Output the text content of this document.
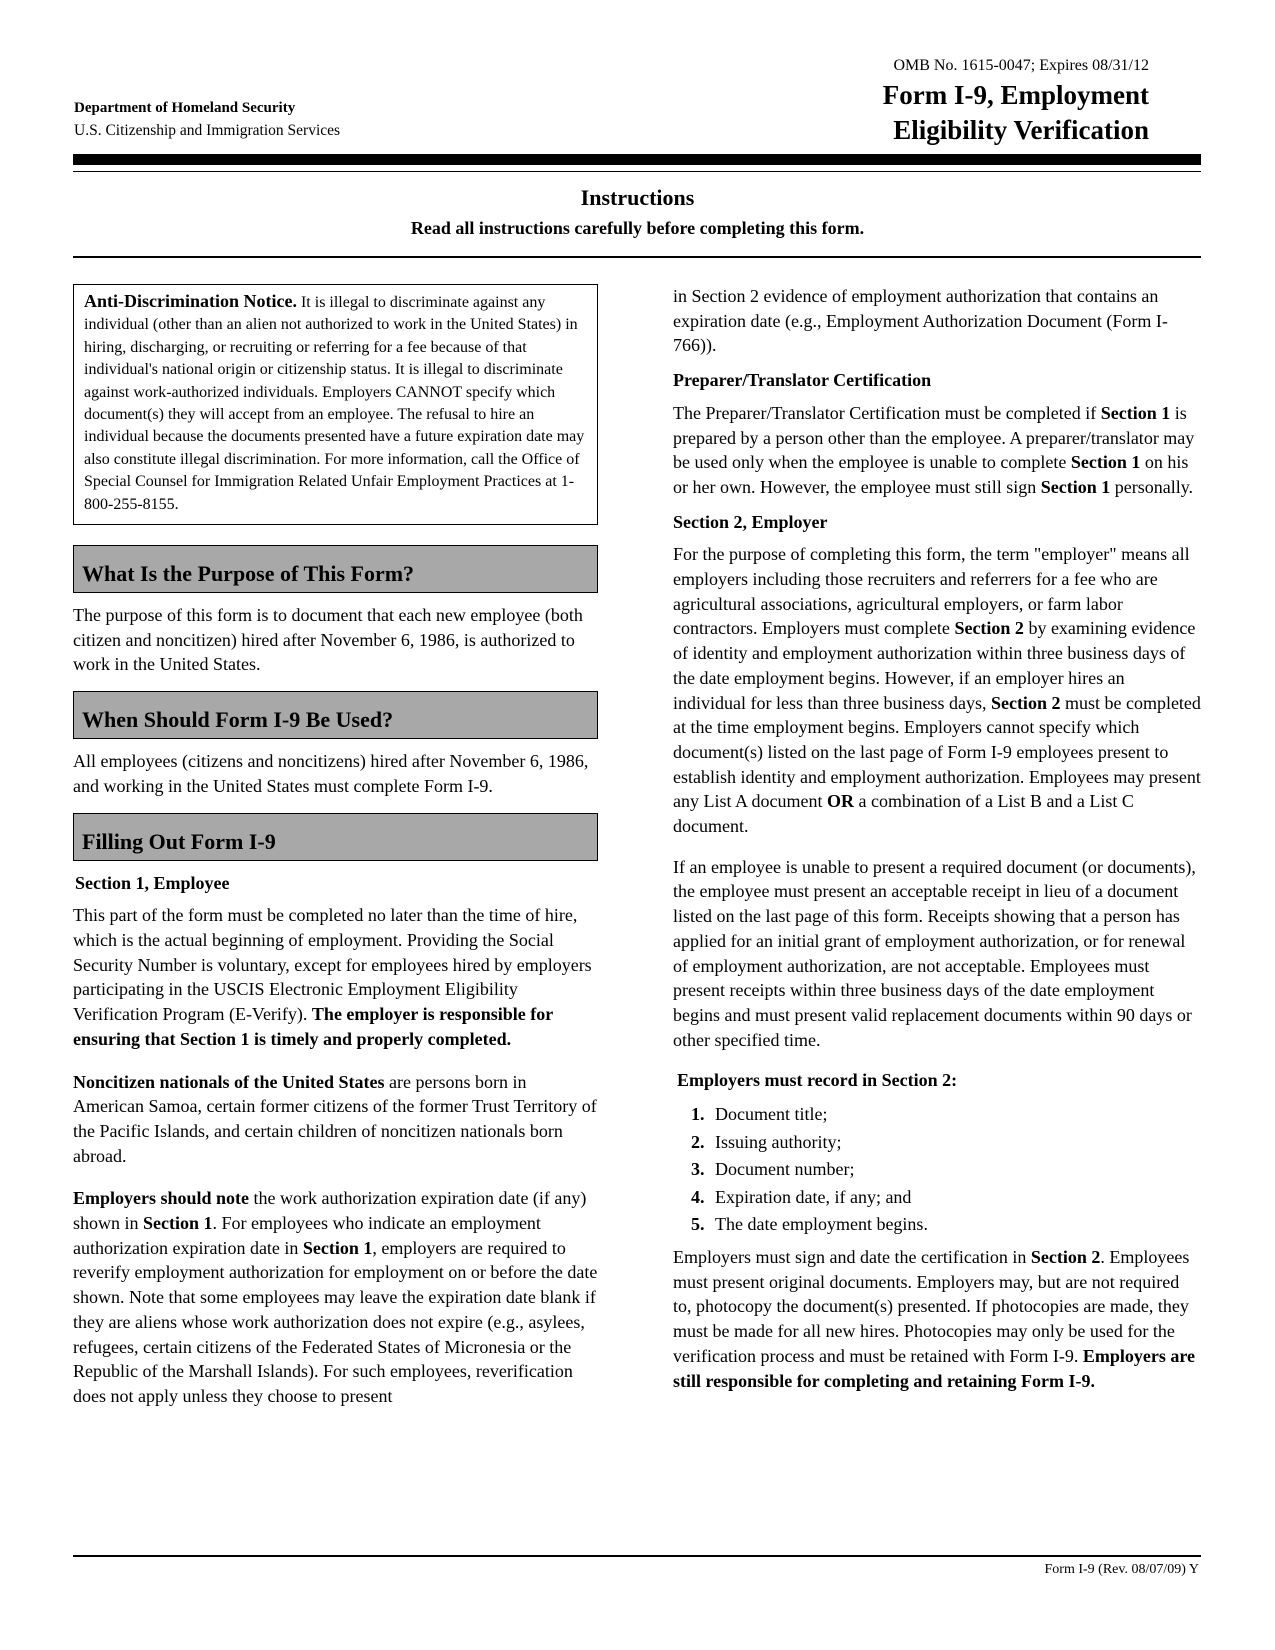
OMB No. 1615-0047; Expires 08/31/12
Department of Homeland Security
U.S. Citizenship and Immigration Services
Form I-9, Employment
Eligibility Verification
Instructions
Read all instructions carefully before completing this form.
Anti-Discrimination Notice. It is illegal to discriminate against any individual (other than an alien not authorized to work in the United States) in hiring, discharging, or recruiting or referring for a fee because of that individual's national origin or citizenship status. It is illegal to discriminate against work-authorized individuals. Employers CANNOT specify which document(s) they will accept from an employee. The refusal to hire an individual because the documents presented have a future expiration date may also constitute illegal discrimination. For more information, call the Office of Special Counsel for Immigration Related Unfair Employment Practices at 1-800-255-8155.
What Is the Purpose of This Form?

The purpose of this form is to document that each new employee (both citizen and noncitizen) hired after November 6, 1986, is authorized to work in the United States.

When Should Form I-9 Be Used?

All employees (citizens and noncitizens) hired after November 6, 1986, and working in the United States must complete Form I-9.

Filling Out Form I-9

Section 1, Employee

This part of the form must be completed no later than the time of hire, which is the actual beginning of employment. Providing the Social Security Number is voluntary, except for employees hired by employers participating in the USCIS Electronic Employment Eligibility Verification Program (E-Verify). The employer is responsible for ensuring that Section 1 is timely and properly completed.

Noncitizen nationals of the United States are persons born in American Samoa, certain former citizens of the former Trust Territory of the Pacific Islands, and certain children of noncitizen nationals born abroad.

Employers should note the work authorization expiration date (if any) shown in Section 1. For employees who indicate an employment authorization expiration date in Section 1, employers are required to reverify employment authorization for employment on or before the date shown. Note that some employees may leave the expiration date blank if they are aliens whose work authorization does not expire (e.g., asylees, refugees, certain citizens of the Federated States of Micronesia or the Republic of the Marshall Islands). For such employees, reverification does not apply unless they choose to present

in Section 2 evidence of employment authorization that contains an expiration date (e.g., Employment Authorization Document (Form I-766)).

Preparer/Translator Certification

The Preparer/Translator Certification must be completed if Section 1 is prepared by a person other than the employee. A preparer/translator may be used only when the employee is unable to complete Section 1 on his or her own. However, the employee must still sign Section 1 personally.

Section 2, Employer

For the purpose of completing this form, the term "employer" means all employers including those recruiters and referrers for a fee who are agricultural associations, agricultural employers, or farm labor contractors. Employers must complete Section 2 by examining evidence of identity and employment authorization within three business days of the date employment begins. However, if an employer hires an individual for less than three business days, Section 2 must be completed at the time employment begins. Employers cannot specify which document(s) listed on the last page of Form I-9 employees present to establish identity and employment authorization. Employees may present any List A document OR a combination of a List B and a List C document.

If an employee is unable to present a required document (or documents), the employee must present an acceptable receipt in lieu of a document listed on the last page of this form. Receipts showing that a person has applied for an initial grant of employment authorization, or for renewal of employment authorization, are not acceptable. Employees must present receipts within three business days of the date employment begins and must present valid replacement documents within 90 days or other specified time.

Employers must record in Section 2:

1. Document title;
2. Issuing authority;
3. Document number;
4. Expiration date, if any; and
5. The date employment begins.

Employers must sign and date the certification in Section 2. Employees must present original documents. Employers may, but are not required to, photocopy the document(s) presented. If photocopies are made, they must be made for all new hires. Photocopies may only be used for the verification process and must be retained with Form I-9. Employers are still responsible for completing and retaining Form I-9.

Form I-9 (Rev. 08/07/09) Y
